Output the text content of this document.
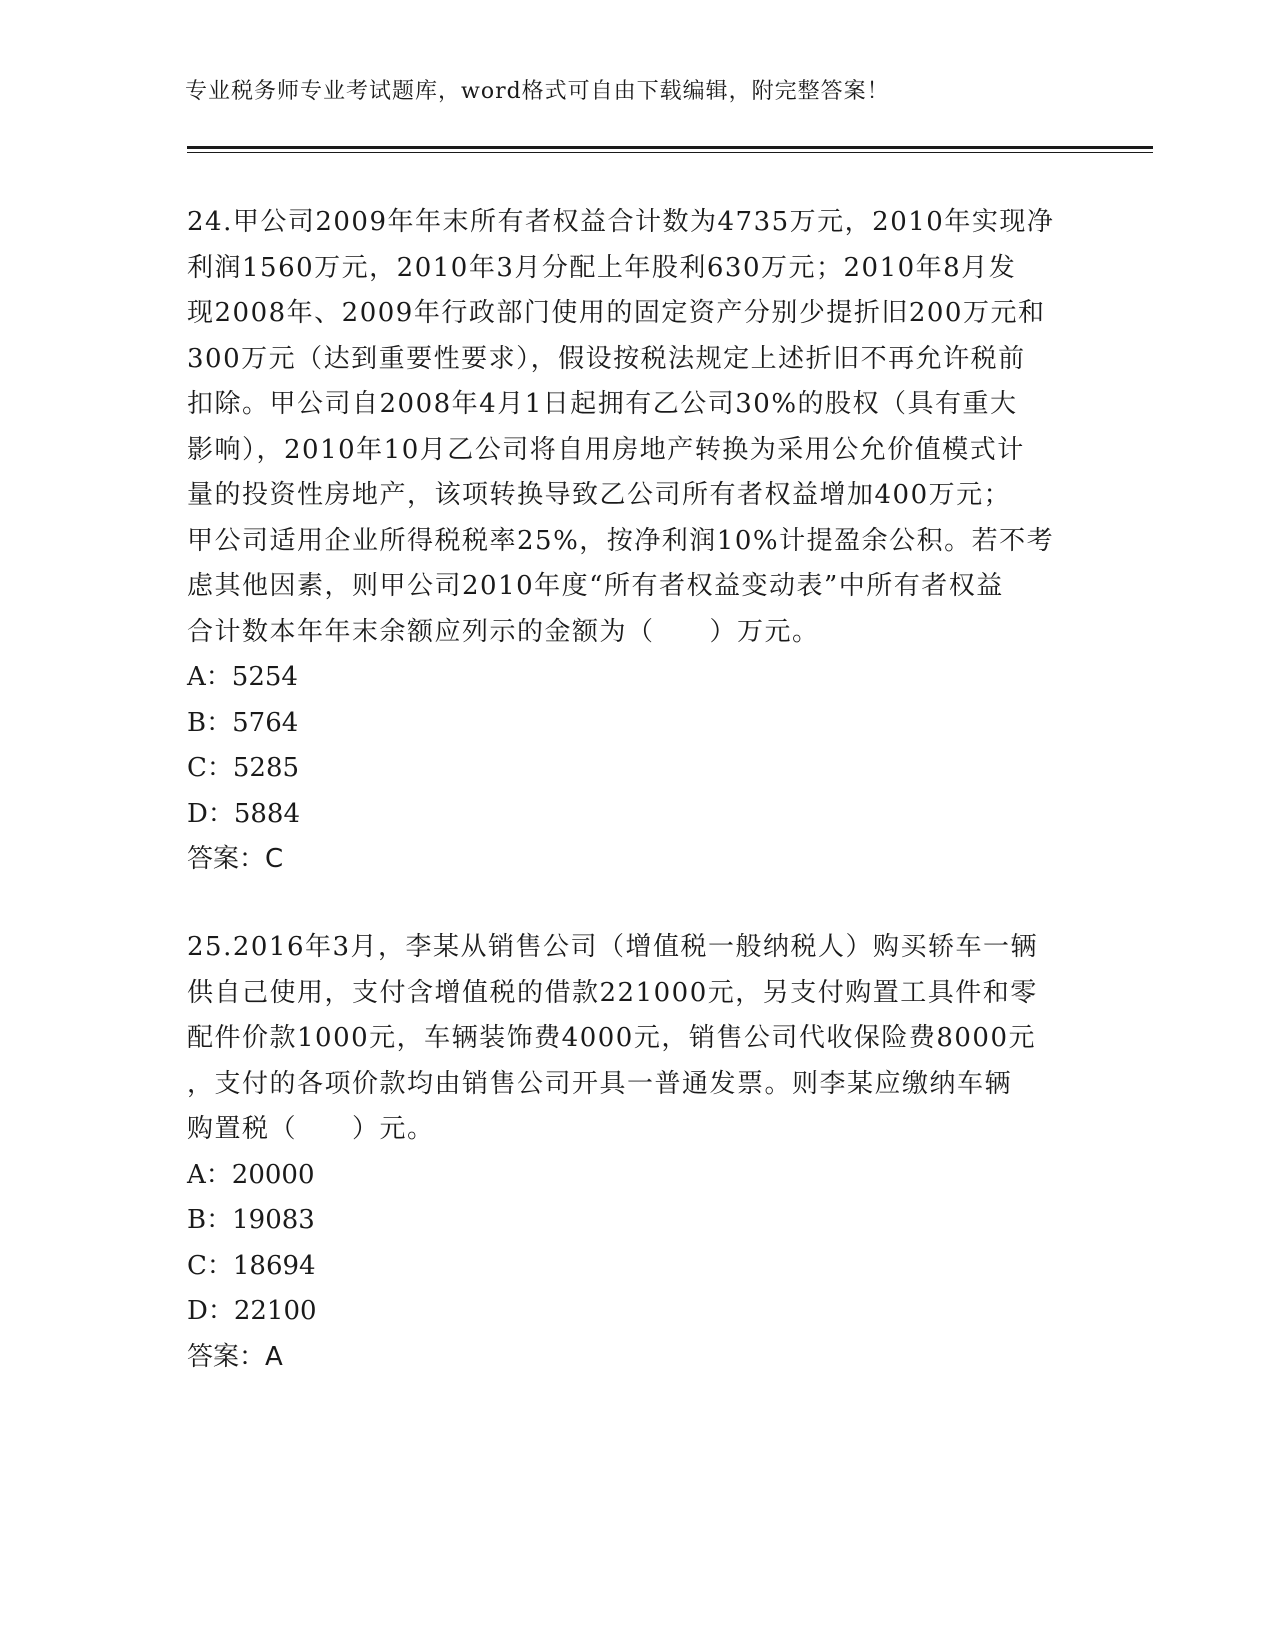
专业税务师专业考试题库，word格式可自由下载编辑，附完整答案！
24.甲公司2009年年末所有者权益合计数为4735万元，2010年实现净
利润1560万元，2010年3月分配上年股利630万元；2010年8月发
现2008年、2009年行政部门使用的固定资产分别少提折旧200万元和
300万元（达到重要性要求），假设按税法规定上述折旧不再允许税前
扣除。甲公司自2008年4月1日起拥有乙公司30%的股权（具有重大
影响），2010年10月乙公司将自用房地产转换为采用公允价值模式计
量的投资性房地产，该项转换导致乙公司所有者权益增加400万元；
甲公司适用企业所得税税率25%，按净利润10%计提盈余公积。若不考
虑其他因素，则甲公司2010年度“所有者权益变动表”中所有者权益
合计数本年年末余额应列示的金额为（　　）万元。
A：5254
B：5764
C：5285
D：5884
答案：C
25.2016年3月，李某从销售公司（增值税一般纳税人）购买轿车一辆
供自己使用，支付含增值税的借款221000元，另支付购置工具件和零
配件价款1000元，车辆装饰费4000元，销售公司代收保险费8000元
，支付的各项价款均由销售公司开具一普通发票。则李某应缴纳车辆
购置税（　　）元。
A：20000
B：19083
C：18694
D：22100
答案：A
